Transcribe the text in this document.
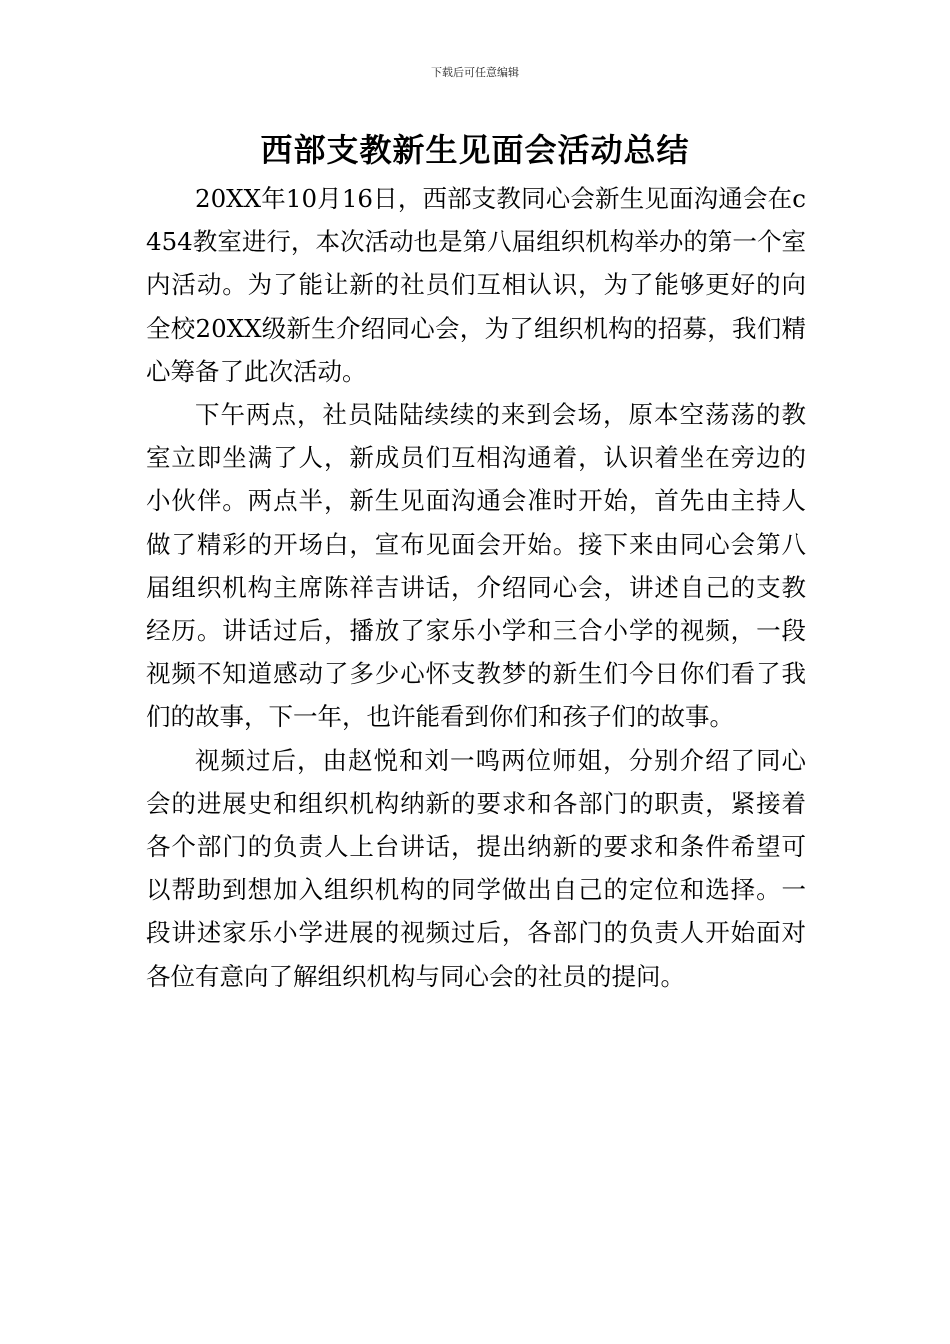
下载后可任意编辑
西部支教新生见面会活动总结

20XX年10月16日，西部支教同心会新生见面沟通会在c454教室进行，本次活动也是第八届组织机构举办的第一个室内活动。为了能让新的社员们互相认识，为了能够更好的向全校20XX级新生介绍同心会，为了组织机构的招募，我们精心筹备了此次活动。

下午两点，社员陆陆续续的来到会场，原本空荡荡的教室立即坐满了人，新成员们互相沟通着，认识着坐在旁边的小伙伴。两点半，新生见面沟通会准时开始，首先由主持人做了精彩的开场白，宣布见面会开始。接下来由同心会第八届组织机构主席陈祥吉讲话，介绍同心会，讲述自己的支教经历。讲话过后，播放了家乐小学和三合小学的视频，一段视频不知道感动了多少心怀支教梦的新生们今日你们看了我们的故事，下一年，也许能看到你们和孩子们的故事。

视频过后，由赵悦和刘一鸣两位师姐，分别介绍了同心会的进展史和组织机构纳新的要求和各部门的职责，紧接着各个部门的负责人上台讲话，提出纳新的要求和条件希望可以帮助到想加入组织机构的同学做出自己的定位和选择。一段讲述家乐小学进展的视频过后，各部门的负责人开始面对各位有意向了解组织机构与同心会的社员的提问。
